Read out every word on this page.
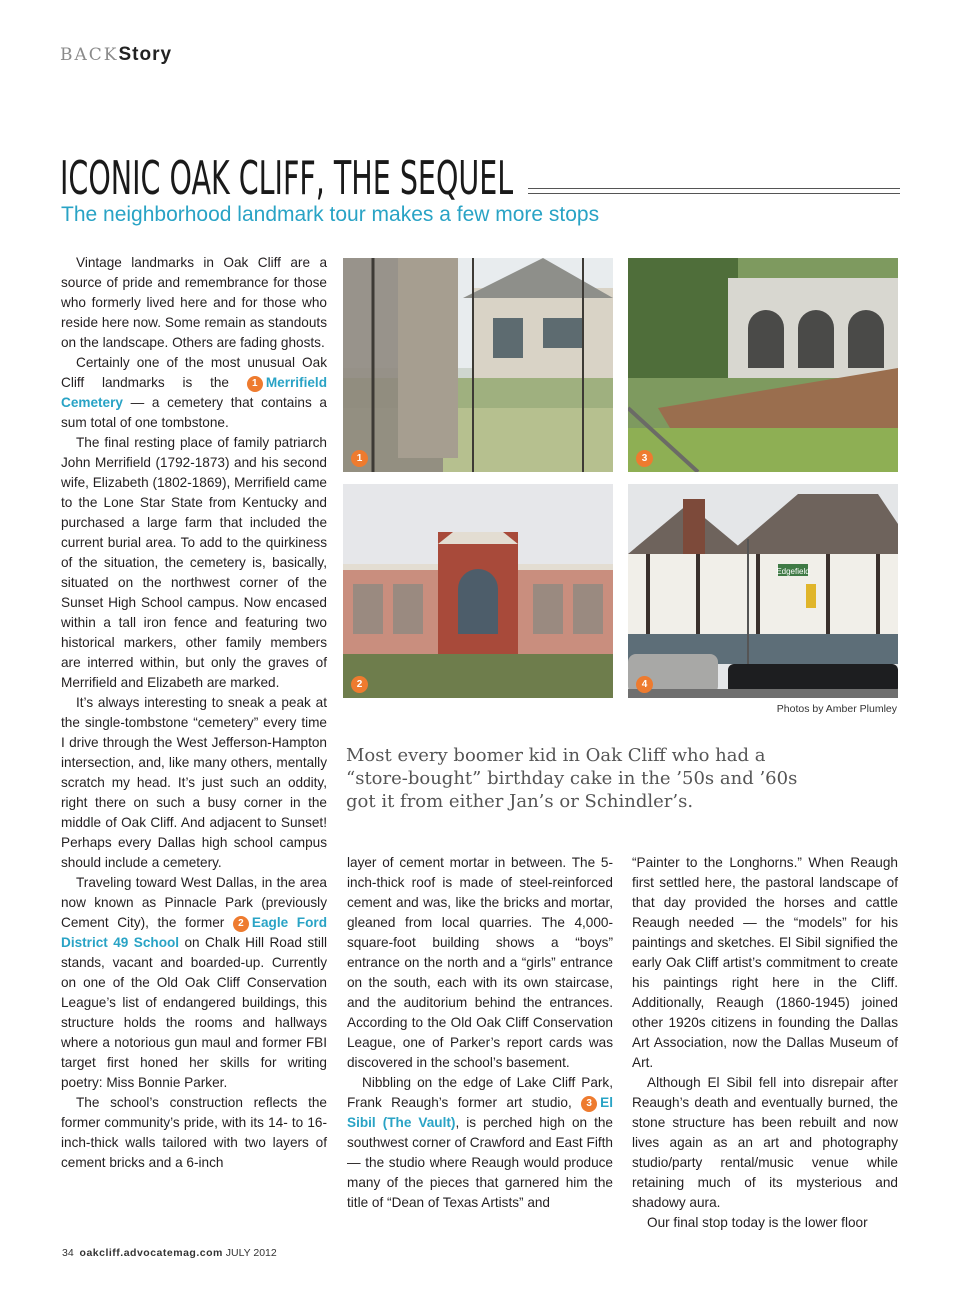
BACKStory
ICONIC OAK CLIFF, THE SEQUEL
The neighborhood landmark tour makes a few more stops

Vintage landmarks in Oak Cliff are a source of pride and remembrance for those who formerly lived here and for those who reside here now. Some remain as standouts on the landscape. Others are fading ghosts.

Certainly one of the most unusual Oak Cliff landmarks is the 1 Merrifield Cemetery — a cemetery that contains a sum total of one tombstone.

The final resting place of family patriarch John Merrifield (1792-1873) and his second wife, Elizabeth (1802-1869), Merrifield came to the Lone Star State from Kentucky and purchased a large farm that included the current burial area. To add to the quirkiness of the situation, the cemetery is, basically, situated on the northwest corner of the Sunset High School campus. Now encased within a tall iron fence and featuring two historical markers, other family members are interred within, but only the graves of Merrifield and Elizabeth are marked.

It’s always interesting to sneak a peak at the single-tombstone “cemetery” every time I drive through the West Jefferson-Hampton intersection, and, like many others, mentally scratch my head. It’s just such an oddity, right there on such a busy corner in the middle of Oak Cliff. And adjacent to Sunset! Perhaps every Dallas high school campus should include a cemetery.

Traveling toward West Dallas, in the area now known as Pinnacle Park (previously Cement City), the former 2 Eagle Ford District 49 School on Chalk Hill Road still stands, vacant and boarded-up. Currently on one of the Old Oak Cliff Conservation League’s list of endangered buildings, this structure holds the rooms and hallways where a notorious gun maul and former FBI target first honed her skills for writing poetry: Miss Bonnie Parker.

The school’s construction reflects the former community’s pride, with its 14- to 16-inch-thick walls tailored with two layers of cement bricks and a 6-inch

1	3
2
Edgefield
4
Photos by Amber Plumley
Most every boomer kid in Oak Cliff who had a “store-bought” birthday cake in the ’50s and ’60s got it from either Jan’s or Schindler’s.

layer of cement mortar in between. The 5-inch-thick roof is made of steel-reinforced cement and was, like the bricks and mortar, gleaned from local quarries. The 4,000-square-foot building shows a “boys” entrance on the north and a “girls” entrance on the south, each with its own staircase, and the auditorium behind the entrances. According to the Old Oak Cliff Conservation League, one of Parker’s report cards was discovered in the school’s basement.

Nibbling on the edge of Lake Cliff Park, Frank Reaugh’s former art studio, 3 El Sibil (The Vault), is perched high on the southwest corner of Crawford and East Fifth — the studio where Reaugh would produce many of the pieces that garnered him the title of “Dean of Texas Artists” and

“Painter to the Longhorns.” When Reaugh first settled here, the pastoral landscape of that day provided the horses and cattle Reaugh needed — the “models” for his paintings and sketches. El Sibil signified the early Oak Cliff artist’s commitment to create his paintings right here in the Cliff. Additionally, Reaugh (1860-1945) joined other 1920s citizens in founding the Dallas Art Association, now the Dallas Museum of Art.

Although El Sibil fell into disrepair after Reaugh’s death and eventually burned, the stone structure has been rebuilt and now lives again as an art and photography studio/party rental/music venue while retaining much of its mysterious and shadowy aura.

Our final stop today is the lower floor

34 oakcliff.advocatemag.com JULY 2012
